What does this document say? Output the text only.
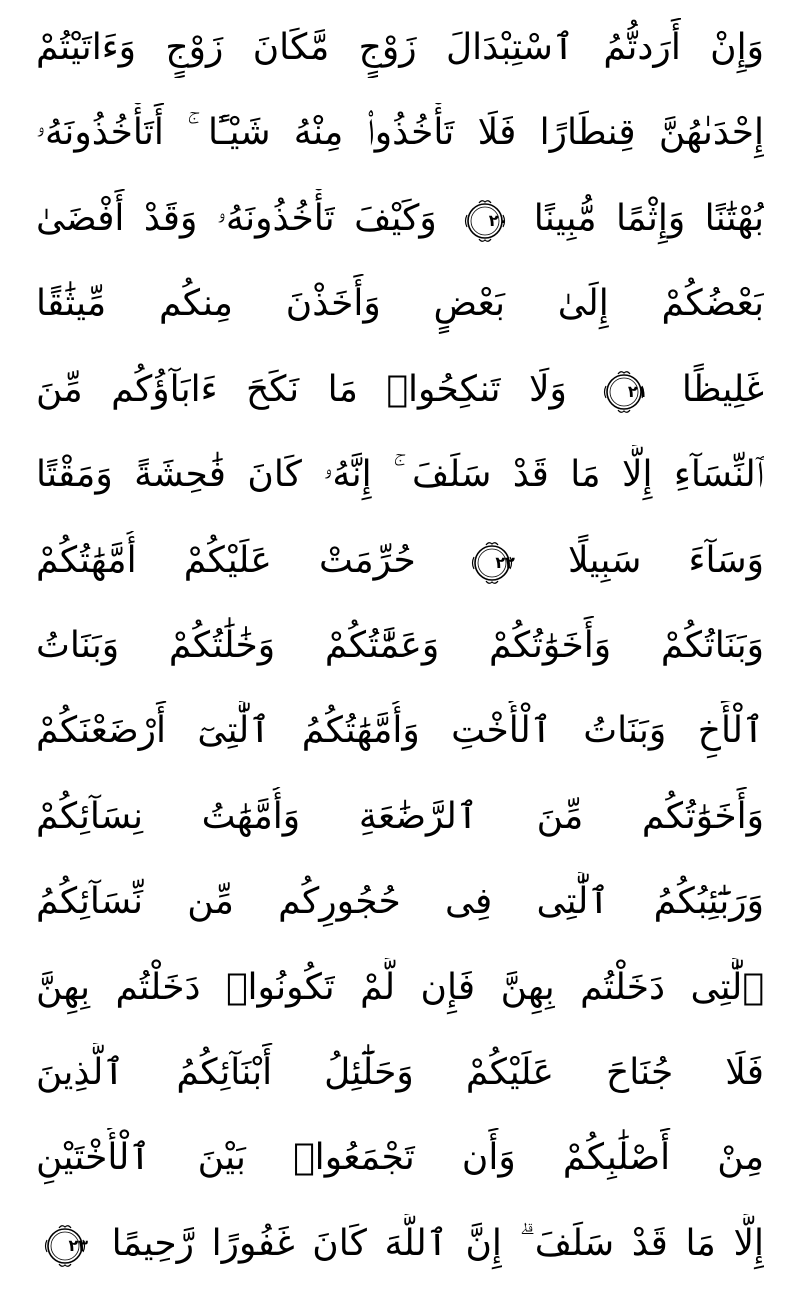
وَإِنْ أَرَدتُّمُ ٱسْتِبْدَالَ زَوْجٍ مَّكَانَ زَوْجٍ وَءَاتَيْتُمْ
إِحْدَىٰهُنَّ قِنطَارًا فَلَا تَأْخُذُوا۟ مِنْهُ شَيْـًٔا ۚ أَتَأْخُذُونَهُۥ
بُهْتَٰنًا وَإِثْمًا مُّبِينًا
٢٠
وَكَيْفَ تَأْخُذُونَهُۥ وَقَدْ أَفْضَىٰ
بَعْضُكُمْ إِلَىٰ بَعْضٍ وَأَخَذْنَ مِنكُم مِّيثَٰقًا
غَلِيظًا
٢١
وَلَا تَنكِحُوا۟ مَا نَكَحَ ءَابَآؤُكُم مِّنَ
ٱلنِّسَآءِ إِلَّا مَا قَدْ سَلَفَ ۚ إِنَّهُۥ كَانَ فَٰحِشَةً وَمَقْتًا
وَسَآءَ سَبِيلًا
٢٢
حُرِّمَتْ عَلَيْكُمْ أُمَّهَٰتُكُمْ
وَبَنَاتُكُمْ وَأَخَوَٰتُكُمْ وَعَمَّٰتُكُمْ وَخَٰلَٰتُكُمْ وَبَنَاتُ
ٱلْأَخِ وَبَنَاتُ ٱلْأُخْتِ وَأُمَّهَٰتُكُمُ ٱلَّٰتِىٓ أَرْضَعْنَكُمْ
وَأَخَوَٰتُكُم مِّنَ ٱلرَّضَٰعَةِ وَأُمَّهَٰتُ نِسَآئِكُمْ
وَرَبَٰٓئِبُكُمُ ٱلَّٰتِى فِى حُجُورِكُم مِّن نِّسَآئِكُمُ
ٱلَّٰتِى دَخَلْتُم بِهِنَّ فَإِن لَّمْ تَكُونُوا۟ دَخَلْتُم بِهِنَّ
فَلَا جُنَاحَ عَلَيْكُمْ وَحَلَٰٓئِلُ أَبْنَآئِكُمُ ٱلَّذِينَ
مِنْ أَصْلَٰبِكُمْ وَأَن تَجْمَعُوا۟ بَيْنَ ٱلْأُخْتَيْنِ
إِلَّا مَا قَدْ سَلَفَ ۗ إِنَّ ٱللَّهَ كَانَ غَفُورًا رَّحِيمًا
٢٣
